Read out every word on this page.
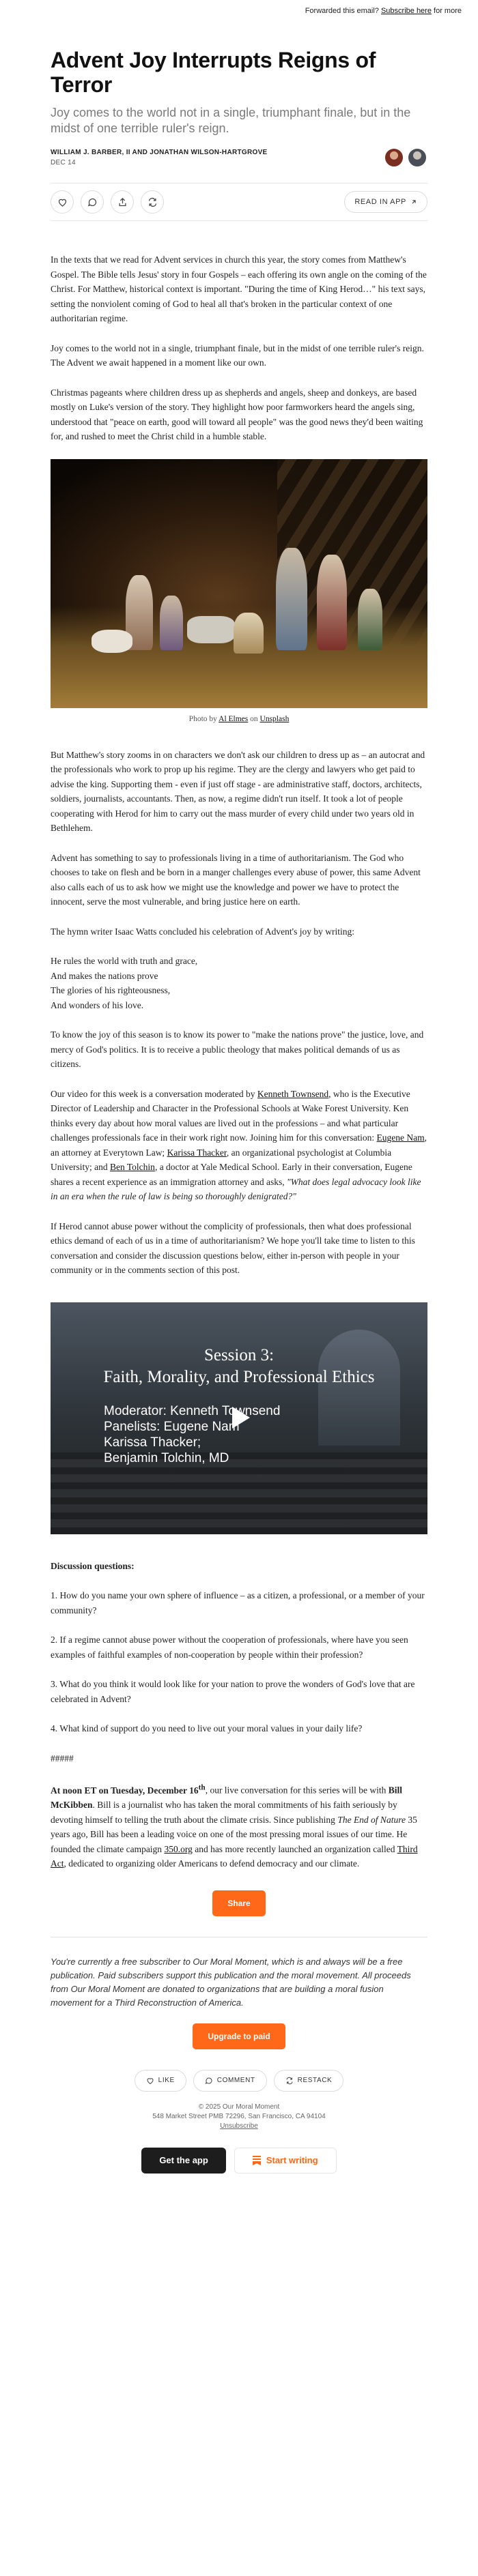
Forwarded this email? Subscribe here for more
Advent Joy Interrupts Reigns of Terror
Joy comes to the world not in a single, triumphant finale, but in the midst of one terrible ruler's reign.
WILLIAM J. BARBER, II AND JONATHAN WILSON-HARTGROVE
DEC 14
READ IN APP

In the texts that we read for Advent services in church this year, the story comes from Matthew's Gospel. The Bible tells Jesus' story in four Gospels – each offering its own angle on the coming of the Christ. For Matthew, historical context is important. "During the time of King Herod…" his text says, setting the nonviolent coming of God to heal all that's broken in the particular context of one authoritarian regime.

Joy comes to the world not in a single, triumphant finale, but in the midst of one terrible ruler's reign. The Advent we await happened in a moment like our own.

Christmas pageants where children dress up as shepherds and angels, sheep and donkeys, are based mostly on Luke's version of the story. They highlight how poor farmworkers heard the angels sing, understood that "peace on earth, good will toward all people" was the good news they'd been waiting for, and rushed to meet the Christ child in a humble stable.

Photo by Al Elmes on Unsplash

But Matthew's story zooms in on characters we don't ask our children to dress up as – an autocrat and the professionals who work to prop up his regime. They are the clergy and lawyers who get paid to advise the king. Supporting them - even if just off stage - are administrative staff, doctors, architects, soldiers, journalists, accountants. Then, as now, a regime didn't run itself. It took a lot of people cooperating with Herod for him to carry out the mass murder of every child under two years old in Bethlehem.

Advent has something to say to professionals living in a time of authoritarianism. The God who chooses to take on flesh and be born in a manger challenges every abuse of power, this same Advent also calls each of us to ask how we might use the knowledge and power we have to protect the innocent, serve the most vulnerable, and bring justice here on earth.

The hymn writer Isaac Watts concluded his celebration of Advent's joy by writing:

He rules the world with truth and grace,
And makes the nations prove
The glories of his righteousness,
And wonders of his love.

To know the joy of this season is to know its power to "make the nations prove" the justice, love, and mercy of God's politics. It is to receive a public theology that makes political demands of us as citizens.

Our video for this week is a conversation moderated by Kenneth Townsend, who is the Executive Director of Leadership and Character in the Professional Schools at Wake Forest University. Ken thinks every day about how moral values are lived out in the professions – and what particular challenges professionals face in their work right now. Joining him for this conversation: Eugene Nam, an attorney at Everytown Law; Karissa Thacker, an organizational psychologist at Columbia University; and Ben Tolchin, a doctor at Yale Medical School. Early in their conversation, Eugene shares a recent experience as an immigration attorney and asks, "What does legal advocacy look like in an era when the rule of law is being so thoroughly denigrated?"

If Herod cannot abuse power without the complicity of professionals, then what does professional ethics demand of each of us in a time of authoritarianism? We hope you'll take time to listen to this conversation and consider the discussion questions below, either in-person with people in your community or in the comments section of this post.

Session 3:
Faith, Morality, and Professional Ethics
Moderator: Kenneth Townsend
Panelists: Eugene Nam
Karissa Thacker;
Benjamin Tolchin, MD

Discussion questions:

1. How do you name your own sphere of influence – as a citizen, a professional, or a member of your community?

2. If a regime cannot abuse power without the cooperation of professionals, where have you seen examples of faithful examples of non-cooperation by people within their profession?

3. What do you think it would look like for your nation to prove the wonders of God's love that are celebrated in Advent?

4. What kind of support do you need to live out your moral values in your daily life?

#####

At noon ET on Tuesday, December 16th, our live conversation for this series will be with Bill McKibben. Bill is a journalist who has taken the moral commitments of his faith seriously by devoting himself to telling the truth about the climate crisis. Since publishing The End of Nature 35 years ago, Bill has been a leading voice on one of the most pressing moral issues of our time. He founded the climate campaign 350.org and has more recently launched an organization called Third Act, dedicated to organizing older Americans to defend democracy and our climate.

Share
You're currently a free subscriber to Our Moral Moment, which is and always will be a free publication. Paid subscribers support this publication and the moral movement. All proceeds from Our Moral Moment are donated to organizations that are building a moral fusion movement for a Third Reconstruction of America.
Upgrade to paid
LIKE	COMMENT	RESTACK
© 2025 Our Moral Moment
548 Market Street PMB 72296, San Francisco, CA 94104
Unsubscribe
Get the app	Start writing
